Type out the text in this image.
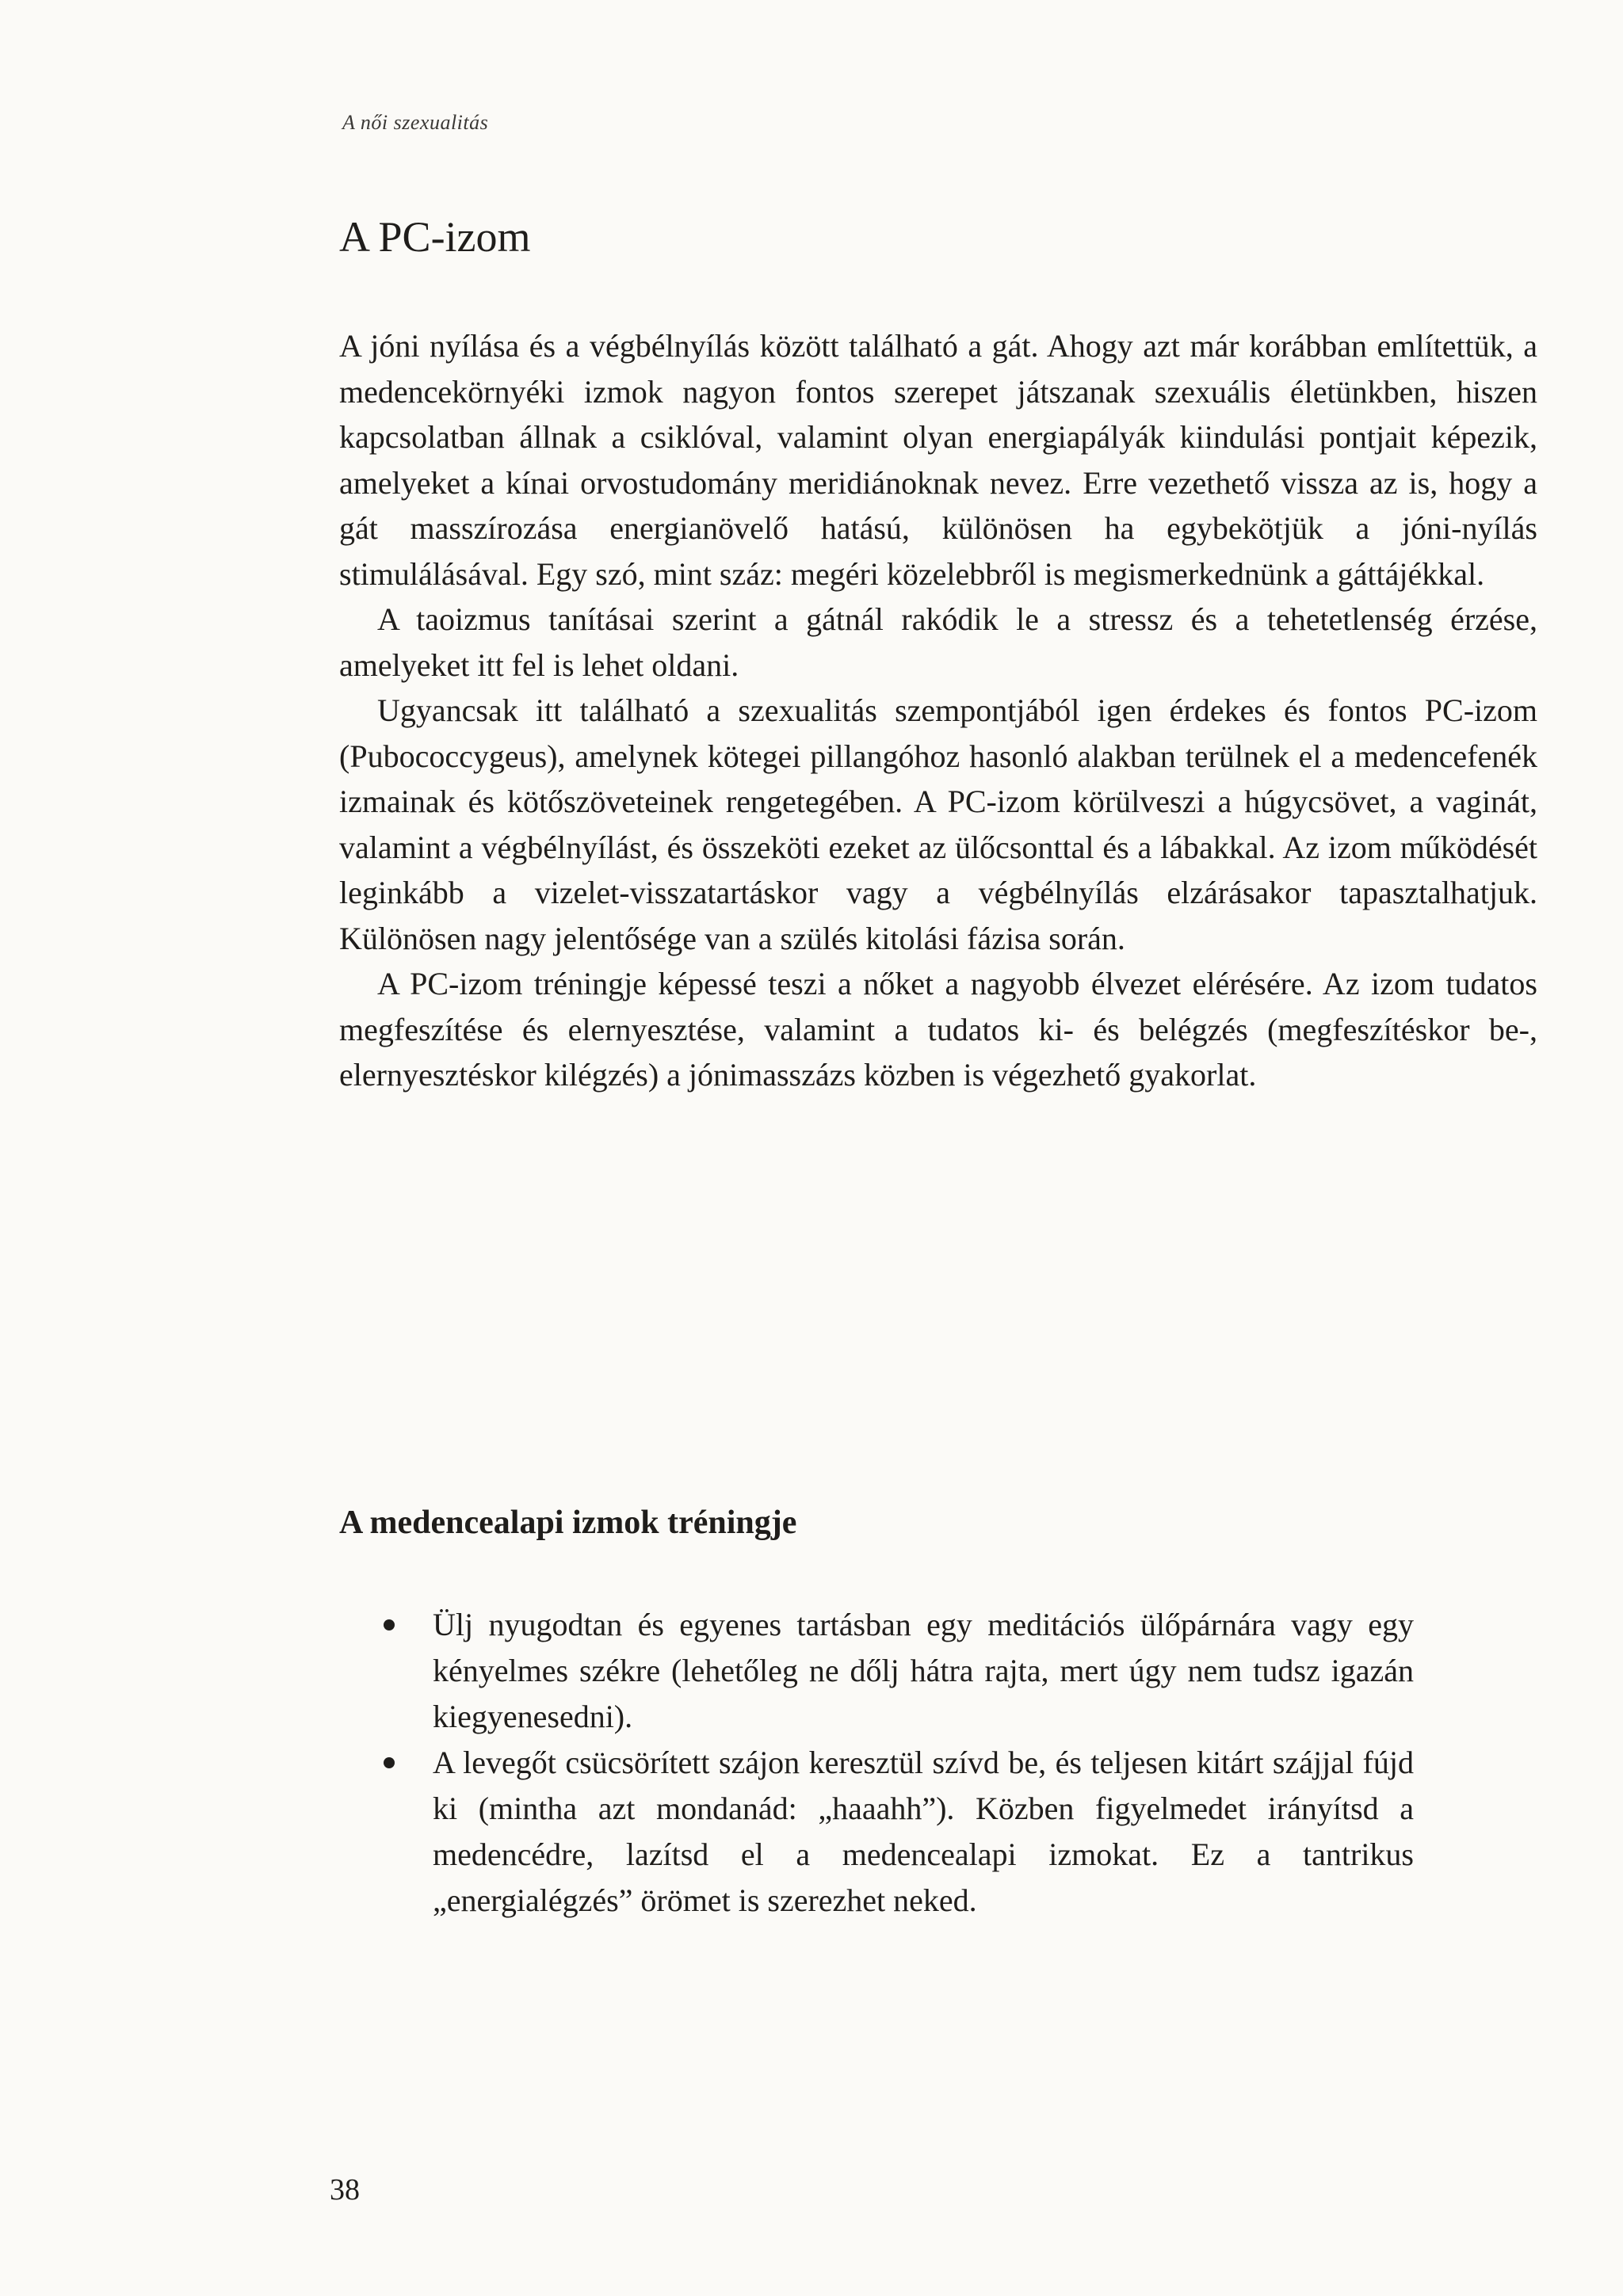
A női szexualitás
A PC-izom

A jóni nyílása és a végbélnyílás között található a gát. Ahogy azt már korábban említettük, a medencekörnyéki izmok nagyon fontos szerepet játszanak szexuális életünkben, hiszen kapcsolatban állnak a csiklóval, valamint olyan energiapályák kiindulási pontjait képezik, amelyeket a kínai orvostudomány meridiánoknak nevez. Erre vezethető vissza az is, hogy a gát masszírozása energianövelő hatású, különösen ha egybekötjük a jóni-nyílás stimulálásával. Egy szó, mint száz: megéri közelebbről is megismerkednünk a gáttájékkal.

A taoizmus tanításai szerint a gátnál rakódik le a stressz és a tehetetlenség érzése, amelyeket itt fel is lehet oldani.

Ugyancsak itt található a szexualitás szempontjából igen érdekes és fontos PC-izom (Pubococcygeus), amelynek kötegei pillangóhoz hasonló alakban terülnek el a medencefenék izmainak és kötőszöveteinek rengetegében. A PC-izom körülveszi a húgycsövet, a vaginát, valamint a végbélnyílást, és összeköti ezeket az ülőcsonttal és a lábakkal. Az izom működését leginkább a vizelet-visszatartáskor vagy a végbélnyílás elzárásakor tapasztalhatjuk. Különösen nagy jelentősége van a szülés kitolási fázisa során.

A PC-izom tréningje képessé teszi a nőket a nagyobb élvezet elérésére. Az izom tudatos megfeszítése és elernyesztése, valamint a tudatos ki- és belégzés (megfeszítéskor be-, elernyesztéskor kilégzés) a jónimasszázs közben is végezhető gyakorlat.

A medencealapi izmok tréningje
Ülj nyugodtan és egyenes tartásban egy meditációs ülőpárnára vagy egy kényelmes székre (lehetőleg ne dőlj hátra rajta, mert úgy nem tudsz igazán kiegyenesedni).
A levegőt csücsörített szájon keresztül szívd be, és teljesen kitárt szájjal fújd ki (mintha azt mondanád: „haaahh”). Közben figyelmedet irányítsd a medencédre, lazítsd el a medencealapi izmokat. Ez a tantrikus „energialégzés” örömet is szerezhet neked.
38
